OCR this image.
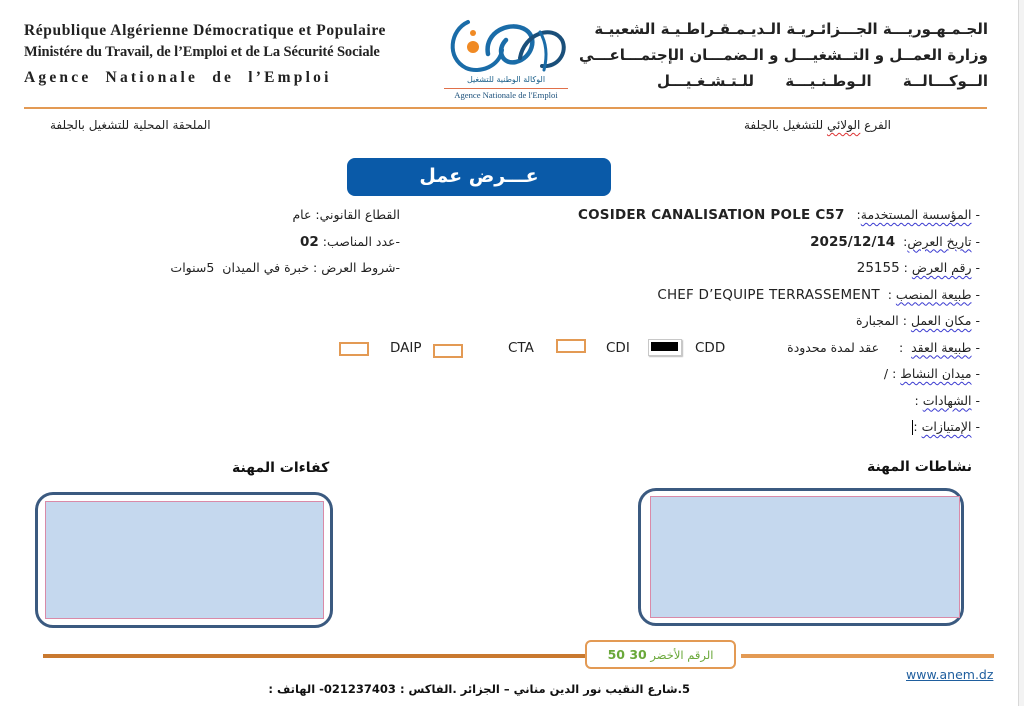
République Algérienne Démocratique et Populaire
Ministére du Travail, de l’Emploi et de La Sécurité Sociale
Agence  Nationale  de  l’Emploi	الوكالة الوطنية للتشغيل
Agence Nationale de l'Emploi
الجـمـهـوريـــة الجـــزائـريـة الـديـمـقـراطـيـة الشعبيـة
وزارة العمــل و التــشغيـــل و الـضمـــان الإجتمـــاعـــي
الــوكـــالــة الـوطـنـيـــة للـتـشـغـيـــل
الفرع الولائي للتشغيل بالجلفة
الملحقة المحلية للتشغيل بالجلفة
عـــرض عمل
- المؤسسة المستخدمة:   COSIDER CANALISATION POLE C57
- تاريخ العرض:  2025/12/14
- رقم العرض : 25155
- طبيعة المنصب :  CHEF D’EQUIPE TERRASSEMENT
- مكان العمل : المجبارة
- طبيعة العقد  :     عقد لمدة محدودة
- ميدان النشاط : /
- الشهادات :
- الإمتيازات :
القطاع القانوني: عام
-عدد المناصب: 02
-شروط العرض : خبرة في الميدان  5سنوات
CDD
CDI
CTA
DAIP
نشاطات المهنة
كفاءات المهنة
الرقم الأخضر 30 50
www.anem.dz
5.شارع النقيب نور الدين مناني – الجزائر .الفاكس : 021237403- الهاتف :
